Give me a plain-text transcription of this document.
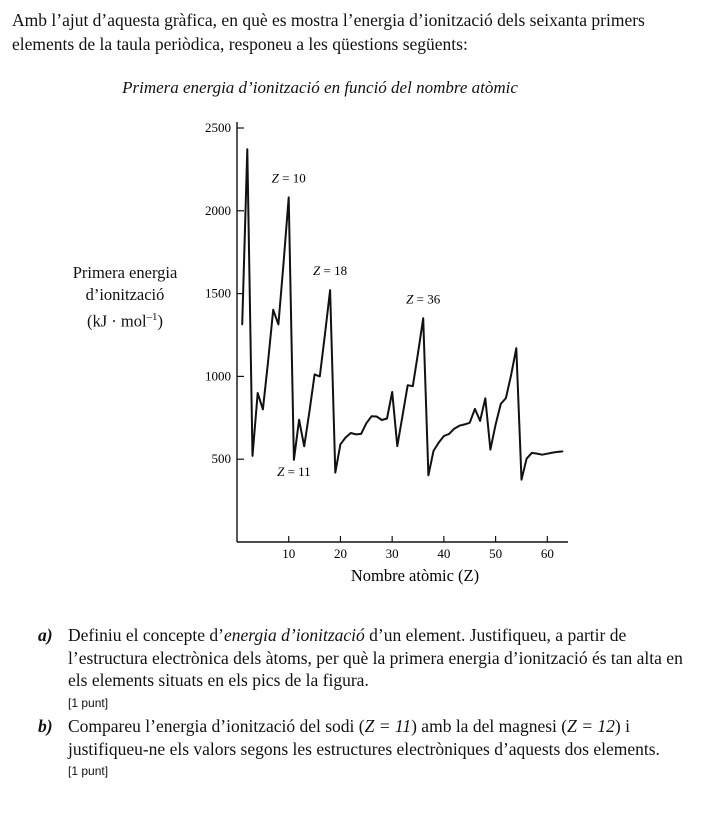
Amb l’ajut d’aquesta gràfica, en què es mostra l’energia d’ionització dels seixanta primers elements de la taula periòdica, responeu a les qüestions següents:

Primera energia d’ionització en funció del nombre atòmic
Primera energia
d’ionització
(kJ · mol$^{-1}$)
500
1000
1500
2000
2500
10	20	30	40	50	60
Z = 10
Z = 18
Z = 36
Z = 11
Nombre atòmic (Z)
a) Definiu el concepte d’energia d’ionització d’un element. Justifiqueu, a partir de l’estructura electrònica dels àtoms, per què la primera energia d’ionització és tan alta en els elements situats en els pics de la figura.
[1 punt]
b) Compareu l’energia d’ionització del sodi (Z = 11) amb la del magnesi (Z = 12) i justifiqueu-ne els valors segons les estructures electròniques d’aquests dos elements.
[1 punt]
